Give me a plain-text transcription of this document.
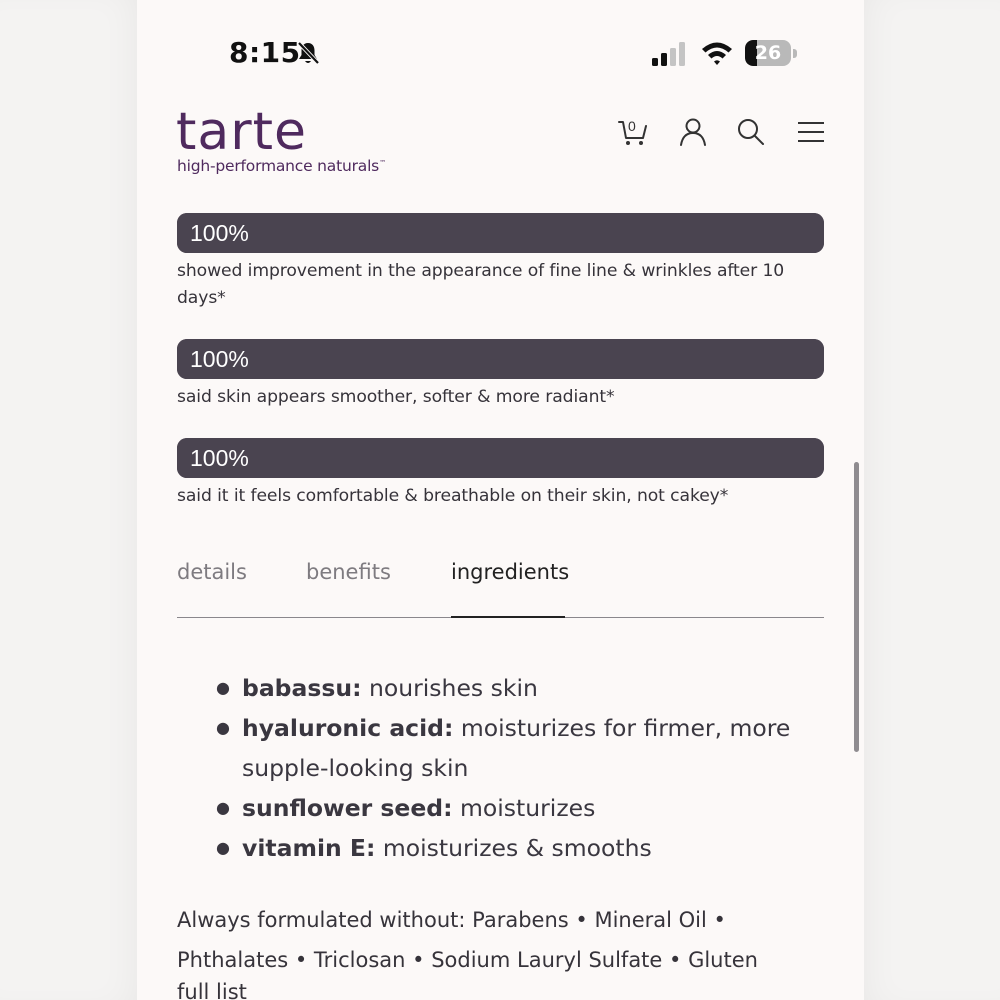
8:15	26
tarte
high-performance naturals™
0
100%
showed improvement in the appearance of fine line & wrinkles after 10 days*
100%
said skin appears smoother, softer & more radiant*
100%
said it it feels comfortable & breathable on their skin, not cakey*
details	benefits	ingredients
● babassu: nourishes skin
● hyaluronic acid: moisturizes for firmer, more supple-looking skin
● sunflower seed: moisturizes
● vitamin E: moisturizes & smooths
Always formulated without: Parabens • Mineral Oil • Phthalates • Triclosan • Sodium Lauryl Sulfate • Gluten
full list
